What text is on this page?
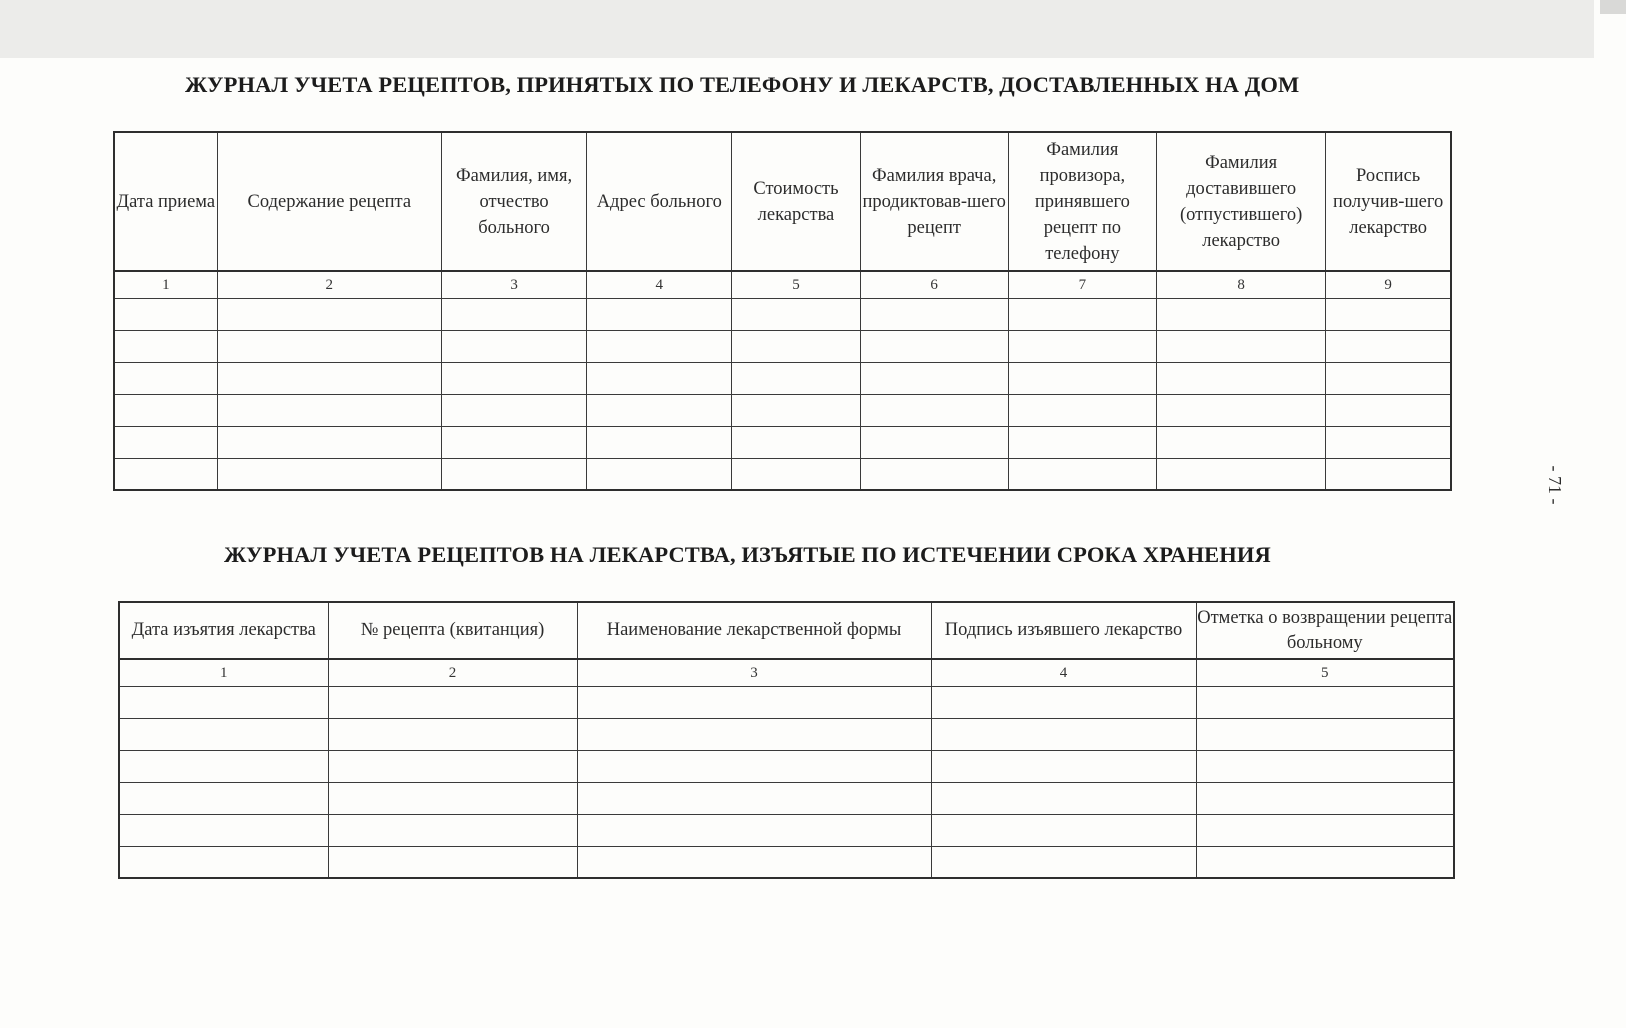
ЖУРНАЛ УЧЕТА РЕЦЕПТОВ, ПРИНЯТЫХ ПО ТЕЛЕФОНУ И ЛЕКАРСТВ, ДОСТАВЛЕННЫХ НА ДОМ
Дата приема	Содержание рецепта	Фамилия, имя, отчество больного	Адрес больного	Стоимость лекарства	Фамилия врача, продиктовав-шего рецепт	Фамилия провизора, принявшего рецепт по телефону	Фамилия доставившего (отпустившего) лекарство	Роспись получив-шего лекарство
1	2	3	4	5	6	7	8	9

ЖУРНАЛ УЧЕТА РЕЦЕПТОВ НА ЛЕКАРСТВА, ИЗЪЯТЫЕ ПО ИСТЕЧЕНИИ СРОКА ХРАНЕНИЯ
Дата изъятия лекарства	№ рецепта (квитанция)	Наименование лекарственной формы	Подпись изъявшего лекарство	Отметка о возвращении рецепта больному
1	2	3	4	5

- 71 -
